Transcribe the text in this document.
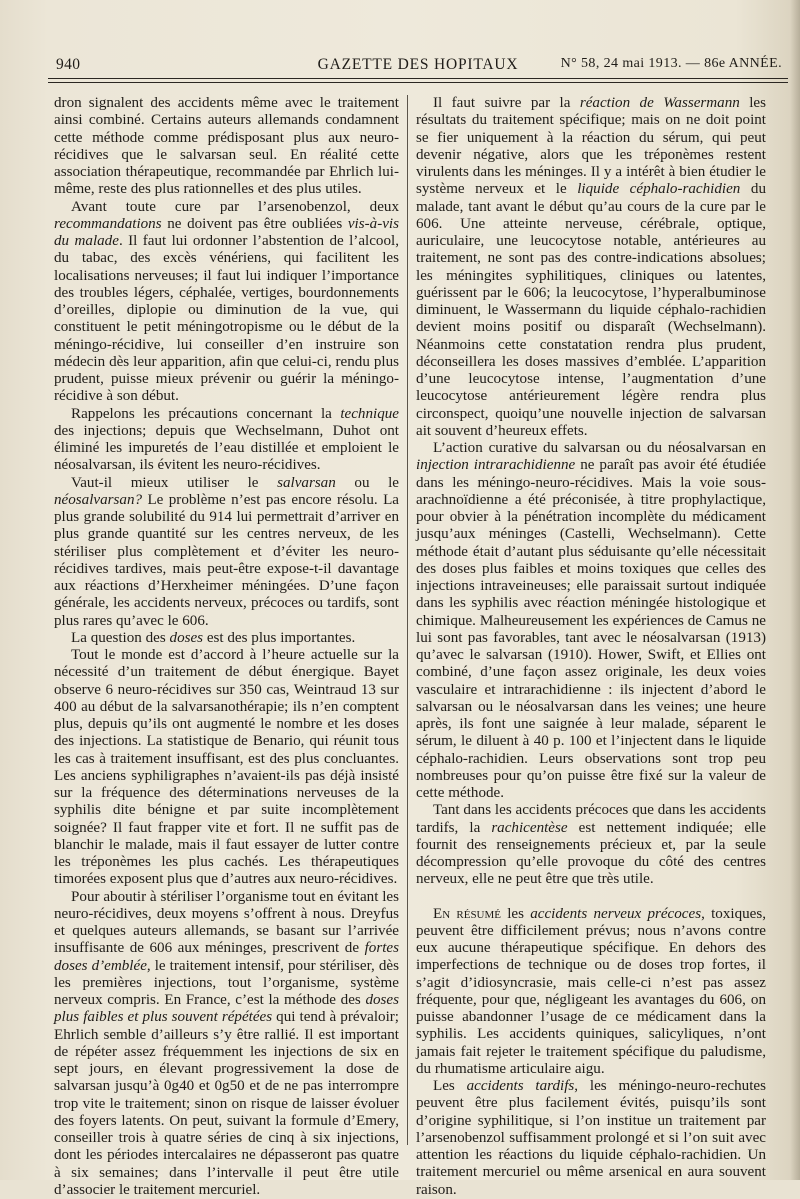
940	GAZETTE DES HOPITAUX	N° 58, 24 mai 1913. — 86e ANNÉE.

dron signalent des accidents même avec le traitement ainsi combiné. Certains auteurs allemands condamnent cette méthode comme prédisposant plus aux neuro-récidives que le salvarsan seul. En réalité cette association thérapeutique, recommandée par Ehrlich lui-même, reste des plus rationnelles et des plus utiles.

Avant toute cure par l’arsenobenzol, deux recommandations ne doivent pas être oubliées vis-à-vis du malade. Il faut lui ordonner l’abstention de l’alcool, du tabac, des excès vénériens, qui facilitent les localisations nerveuses; il faut lui indiquer l’importance des troubles légers, céphalée, vertiges, bourdonnements d’oreilles, diplopie ou diminution de la vue, qui constituent le petit méningotropisme ou le début de la méningo-récidive, lui conseiller d’en instruire son médecin dès leur apparition, afin que celui-ci, rendu plus prudent, puisse mieux prévenir ou guérir la méningo-récidive à son début.

Rappelons les précautions concernant la technique des injections; depuis que Wechselmann, Duhot ont éliminé les impuretés de l’eau distillée et emploient le néosalvarsan, ils évitent les neuro-récidives.

Vaut-il mieux utiliser le salvarsan ou le néosalvarsan? Le problème n’est pas encore résolu. La plus grande solubilité du 914 lui permettrait d’arriver en plus grande quantité sur les centres nerveux, de les stériliser plus complètement et d’éviter les neuro-récidives tardives, mais peut-être expose-t-il davantage aux réactions d’Herxheimer méningées. D’une façon générale, les accidents nerveux, précoces ou tardifs, sont plus rares qu’avec le 606.

La question des doses est des plus importantes.

Tout le monde est d’accord à l’heure actuelle sur la nécessité d’un traitement de début énergique. Bayet observe 6 neuro-récidives sur 350 cas, Weintraud 13 sur 400 au début de la salvarsanothérapie; ils n’en comptent plus, depuis qu’ils ont augmenté le nombre et les doses des injections. La statistique de Benario, qui réunit tous les cas à traitement insuffisant, est des plus concluantes. Les anciens syphiligraphes n’avaient-ils pas déjà insisté sur la fréquence des déterminations nerveuses de la syphilis dite bénigne et par suite incomplètement soignée? Il faut frapper vite et fort. Il ne suffit pas de blanchir le malade, mais il faut essayer de lutter contre les tréponèmes les plus cachés. Les thérapeutiques timorées exposent plus que d’autres aux neuro-récidives.

Pour aboutir à stériliser l’organisme tout en évitant les neuro-récidives, deux moyens s’offrent à nous. Dreyfus et quelques auteurs allemands, se basant sur l’arrivée insuffisante de 606 aux méninges, prescrivent de fortes doses d’emblée, le traitement intensif, pour stériliser, dès les premières injections, tout l’organisme, système nerveux compris. En France, c’est la méthode des doses plus faibles et plus souvent répétées qui tend à prévaloir; Ehrlich semble d’ailleurs s’y être rallié. Il est important de répéter assez fréquemment les injections de six en sept jours, en élevant progressivement la dose de salvarsan jusqu’à 0g40 et 0g50 et de ne pas interrompre trop vite le traitement; sinon on risque de laisser évoluer des foyers latents. On peut, suivant la formule d’Emery, conseiller trois à quatre séries de cinq à six injections, dont les périodes intercalaires ne dépasseront pas quatre à six semaines; dans l’intervalle il peut être utile d’associer le traitement mercuriel.

Il faut suivre par la réaction de Wassermann les résultats du traitement spécifique; mais on ne doit point se fier uniquement à la réaction du sérum, qui peut devenir négative, alors que les tréponèmes restent virulents dans les méninges. Il y a intérêt à bien étudier le système nerveux et le liquide céphalo-rachidien du malade, tant avant le début qu’au cours de la cure par le 606. Une atteinte nerveuse, cérébrale, optique, auriculaire, une leucocytose notable, antérieures au traitement, ne sont pas des contre-indications absolues; les méningites syphilitiques, cliniques ou latentes, guérissent par le 606; la leucocytose, l’hyperalbuminose diminuent, le Wassermann du liquide céphalo-rachidien devient moins positif ou disparaît (Wechselmann). Néanmoins cette constatation rendra plus prudent, déconseillera les doses massives d’emblée. L’apparition d’une leucocytose intense, l’augmentation d’une leucocytose antérieurement légère rendra plus circonspect, quoiqu’une nouvelle injection de salvarsan ait souvent d’heureux effets.

L’action curative du salvarsan ou du néosalvarsan en injection intrarachidienne ne paraît pas avoir été étudiée dans les méningo-neuro-récidives. Mais la voie sous-arachnoïdienne a été préconisée, à titre prophylactique, pour obvier à la pénétration incomplète du médicament jusqu’aux méninges (Castelli, Wechselmann). Cette méthode était d’autant plus séduisante qu’elle nécessitait des doses plus faibles et moins toxiques que celles des injections intraveineuses; elle paraissait surtout indiquée dans les syphilis avec réaction méningée histologique et chimique. Malheureusement les expériences de Camus ne lui sont pas favorables, tant avec le néosalvarsan (1913) qu’avec le salvarsan (1910). Hower, Swift, et Ellies ont combiné, d’une façon assez originale, les deux voies vasculaire et intrarachidienne : ils injectent d’abord le salvarsan ou le néosalvarsan dans les veines; une heure après, ils font une saignée à leur malade, séparent le sérum, le diluent à 40 p. 100 et l’injectent dans le liquide céphalo-rachidien. Leurs observations sont trop peu nombreuses pour qu’on puisse être fixé sur la valeur de cette méthode.

Tant dans les accidents précoces que dans les accidents tardifs, la rachicentèse est nettement indiquée; elle fournit des renseignements précieux et, par la seule décompression qu’elle provoque du côté des centres nerveux, elle ne peut être que très utile.

En résumé les accidents nerveux précoces, toxiques, peuvent être difficilement prévus; nous n’avons contre eux aucune thérapeutique spécifique. En dehors des imperfections de technique ou de doses trop fortes, il s’agit d’idiosyncrasie, mais celle-ci n’est pas assez fréquente, pour que, négligeant les avantages du 606, on puisse abandonner l’usage de ce médicament dans la syphilis. Les accidents quiniques, salicyliques, n’ont jamais fait rejeter le traitement spécifique du paludisme, du rhumatisme articulaire aigu.

Les accidents tardifs, les méningo-neuro-rechutes peuvent être plus facilement évités, puisqu’ils sont d’origine syphilitique, si l’on institue un traitement par l’arsenobenzol suffisamment prolongé et si l’on suit avec attention les réactions du liquide céphalo-rachidien. Un traitement mercuriel ou même arsenical en aura souvent raison.
